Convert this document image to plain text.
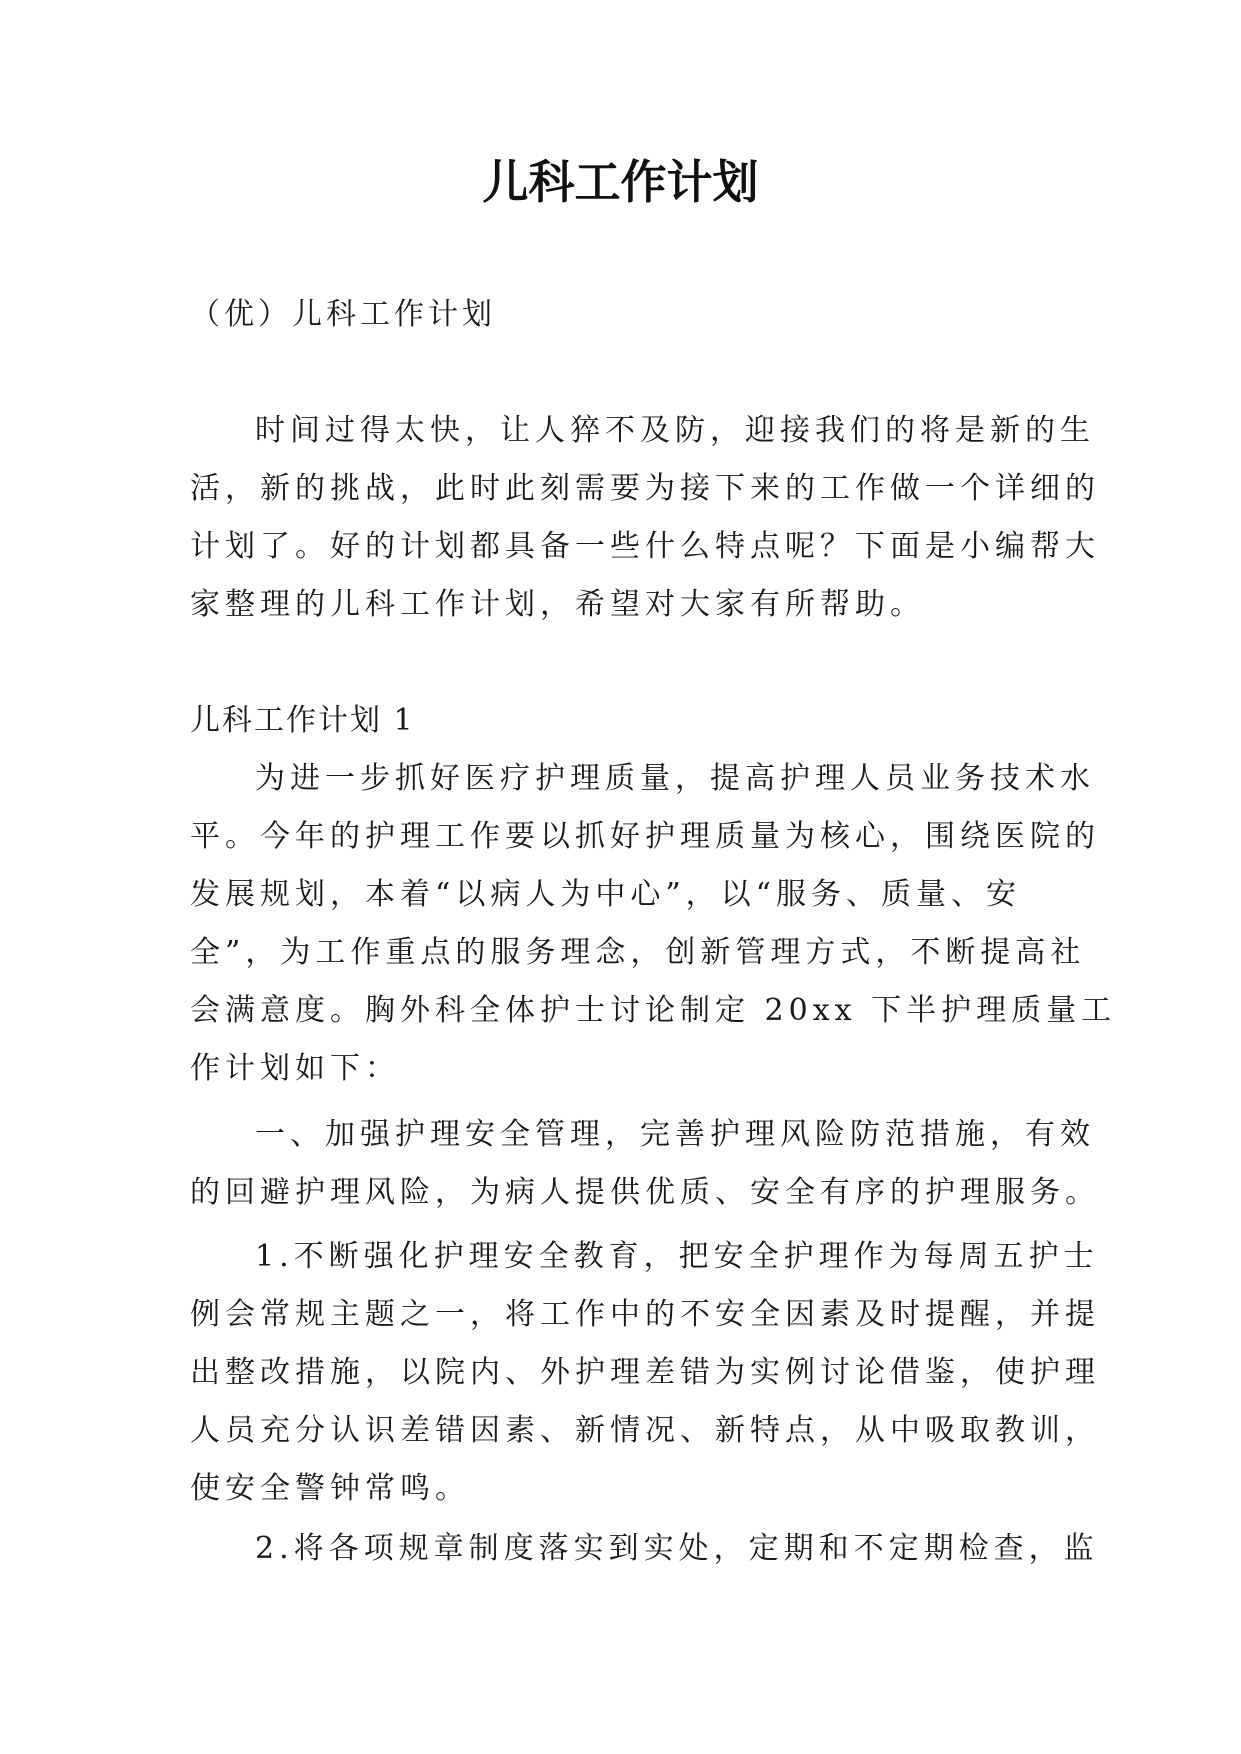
儿科工作计划
（优）儿科工作计划
时间过得太快，让人猝不及防，迎接我们的将是新的生
活，新的挑战，此时此刻需要为接下来的工作做一个详细的
计划了。好的计划都具备一些什么特点呢？下面是小编帮大
家整理的儿科工作计划，希望对大家有所帮助。
儿科工作计划 1
为进一步抓好医疗护理质量，提高护理人员业务技术水
平。今年的护理工作要以抓好护理质量为核心，围绕医院的
发展规划，本着“以病人为中心”，以“服务、质量、安
全”，为工作重点的服务理念，创新管理方式，不断提高社
会满意度。胸外科全体护士讨论制定 20xx 下半护理质量工
作计划如下：
一、加强护理安全管理，完善护理风险防范措施，有效
的回避护理风险，为病人提供优质、安全有序的护理服务。
1.不断强化护理安全教育，把安全护理作为每周五护士
例会常规主题之一，将工作中的不安全因素及时提醒，并提
出整改措施，以院内、外护理差错为实例讨论借鉴，使护理
人员充分认识差错因素、新情况、新特点，从中吸取教训，
使安全警钟常鸣。
2.将各项规章制度落实到实处，定期和不定期检查，监
